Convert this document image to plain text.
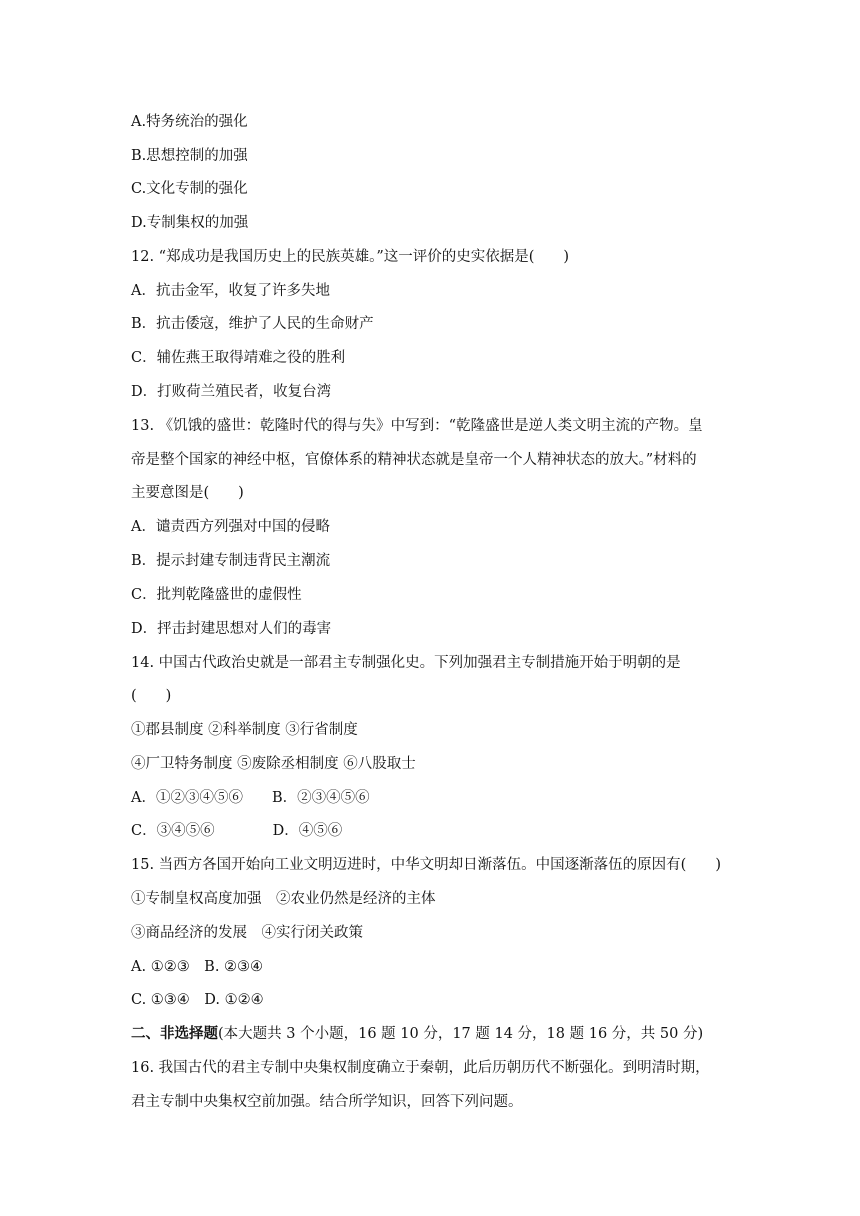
A.特务统治的强化
B.思想控制的加强
C.文化专制的强化
D.专制集权的加强
12. “郑成功是我国历史上的民族英雄。”这一评价的史实依据是(　　)
A．抗击金军，收复了许多失地
B．抗击倭寇，维护了人民的生命财产
C．辅佐燕王取得靖难之役的胜利
D．打败荷兰殖民者，收复台湾
13. 《饥饿的盛世：乾隆时代的得与失》中写到：“乾隆盛世是逆人类文明主流的产物。皇
帝是整个国家的神经中枢，官僚体系的精神状态就是皇帝一个人精神状态的放大。”材料的
主要意图是(　　)
A．谴责西方列强对中国的侵略
B．提示封建专制违背民主潮流
C．批判乾隆盛世的虚假性
D．抨击封建思想对人们的毒害
14. 中国古代政治史就是一部君主专制强化史。下列加强君主专制措施开始于明朝的是
(　　)
①郡县制度 ②科举制度 ③行省制度
④厂卫特务制度 ⑤废除丞相制度 ⑥八股取士
A．①②③④⑤⑥　　B．②③④⑤⑥
C．③④⑤⑥　　　　D．④⑤⑥
15. 当西方各国开始向工业文明迈进时，中华文明却日渐落伍。中国逐渐落伍的原因有(　　)
①专制皇权高度加强　②农业仍然是经济的主体
③商品经济的发展　④实行闭关政策
A. ①②③　B. ②③④
C. ①③④　D. ①②④
二、非选择题(本大题共 3 个小题，16 题 10 分，17 题 14 分，18 题 16 分，共 50 分)
16. 我国古代的君主专制中央集权制度确立于秦朝，此后历朝历代不断强化。到明清时期，
君主专制中央集权空前加强。结合所学知识，回答下列问题。
